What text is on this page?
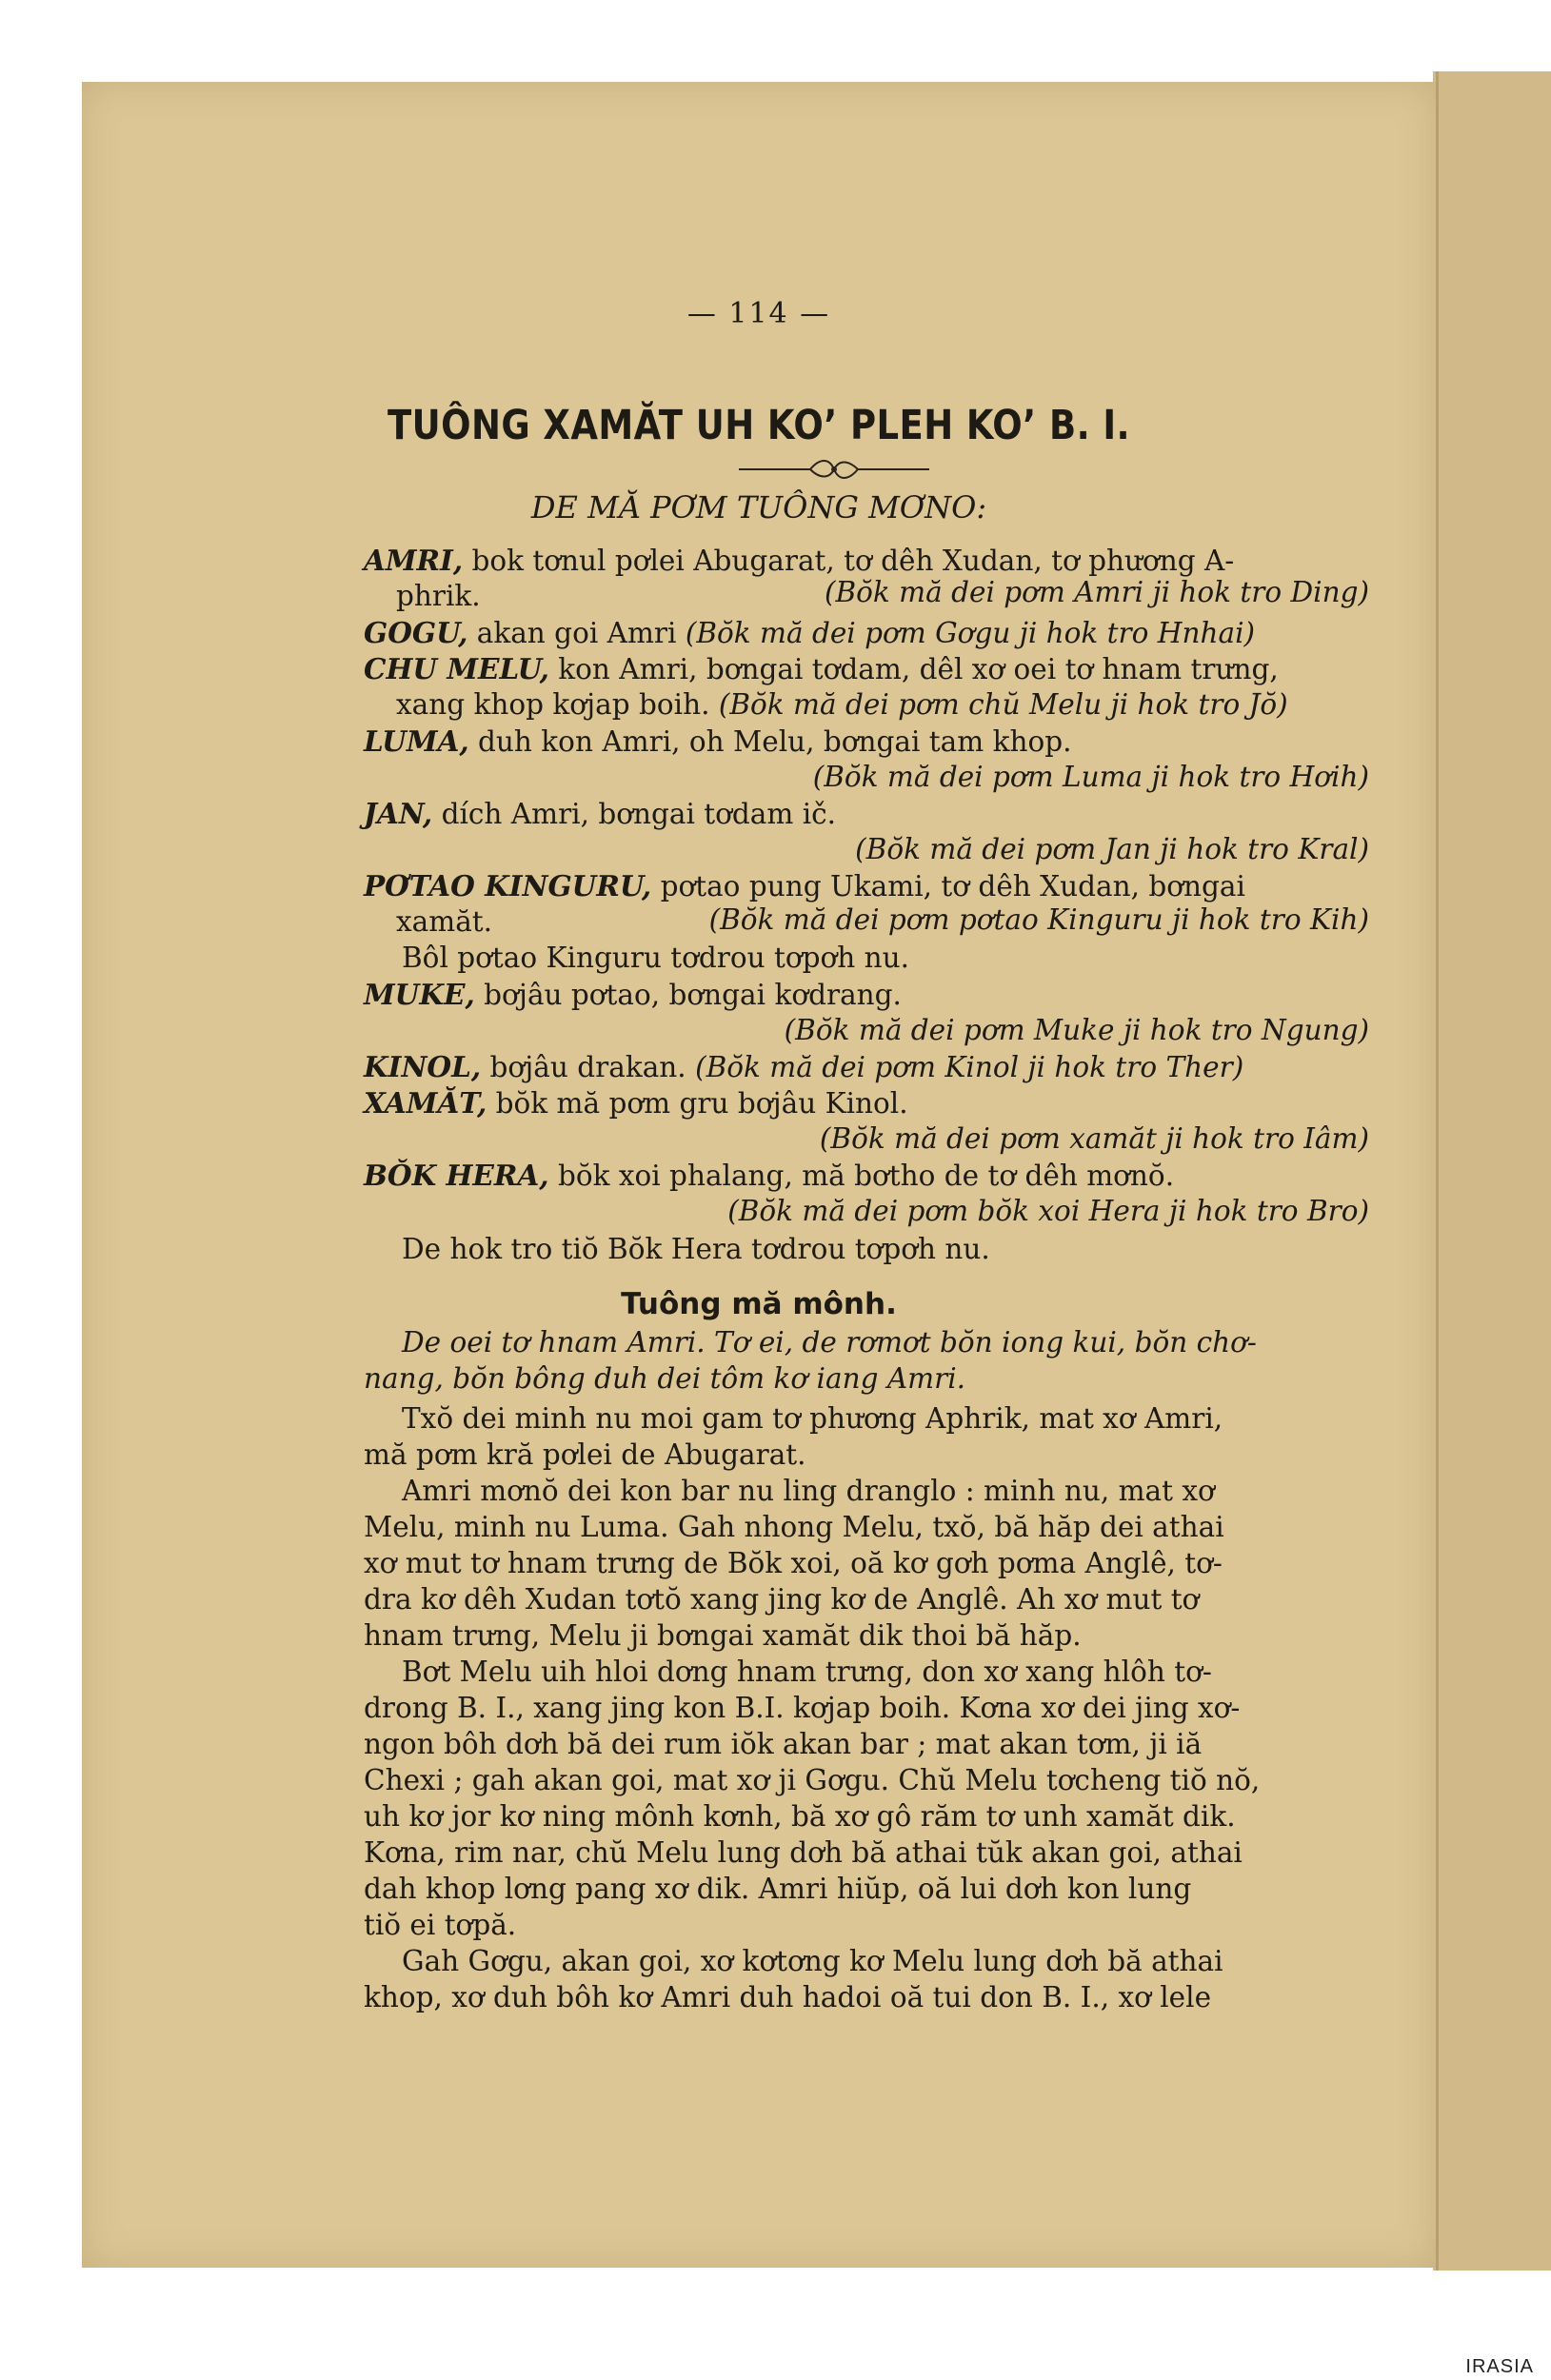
— 114 —
TUÔNG XAMĂT UH KO’ PLEH KO’ B. I.
DE MĂ PƠM TUÔNG MƠNO:
AMRI, bok tơnul pơlei Abugarat, tơ dêh Xudan, tơ phương A-
phrik.	(Bŏk mă dei pơm Amri ji hok tro Ding)
GOGU, akan goi Amri (Bŏk mă dei pơm Gơgu ji hok tro Hnhai)
CHU MELU, kon Amri, bơngai tơdam, dêl xơ oei tơ hnam trưng,
xang khop kơjap boih. (Bŏk mă dei pơm chŭ Melu ji hok tro Jŏ)
LUMA, duh kon Amri, oh Melu, bơngai tam khop.
(Bŏk mă dei pơm Luma ji hok tro Hơih)
JAN, dích Amri, bơngai tơdam ič.
(Bŏk mă dei pơm Jan ji hok tro Kral)
PƠTAO KINGURU, pơtao pung Ukami, tơ dêh Xudan, bơngai
xamăt.	(Bŏk mă dei pơm pơtao Kinguru ji hok tro Kih)
Bôl pơtao Kinguru tơdrou tơpơh nu.
MUKE, bơjâu pơtao, bơngai kơdrang.
(Bŏk mă dei pơm Muke ji hok tro Ngung)
KINOL, bơjâu drakan. (Bŏk mă dei pơm Kinol ji hok tro Ther)
XAMĂT, bŏk mă pơm gru bơjâu Kinol.
(Bŏk mă dei pơm xamăt ji hok tro Iâm)
BŎK HERA, bŏk xoi phalang, mă bơtho de tơ dêh mơnŏ.
(Bŏk mă dei pơm bŏk xoi Hera ji hok tro Bro)
De hok tro tiŏ Bŏk Hera tơdrou tơpơh nu.
Tuông mă mônh.
De oei tơ hnam Amri. Tơ ei, de rơmơt bŏn iong kui, bŏn chơ-
nang, bŏn bông duh dei tôm kơ iang Amri.
Txŏ dei minh nu moi gam tơ phương Aphrik, mat xơ Amri,
mă pơm kră pơlei de Abugarat.
Amri mơnŏ dei kon bar nu ling dranglo : minh nu, mat xơ
Melu, minh nu Luma. Gah nhong Melu, txŏ, bă hăp dei athai
xơ mut tơ hnam trưng de Bŏk xoi, oă kơ gơh pơma Anglê, tơ-
dra kơ dêh Xudan tơtŏ xang jing kơ de Anglê. Ah xơ mut tơ
hnam trưng, Melu ji bơngai xamăt dik thoi bă hăp.
Bơt Melu uih hloi dơng hnam trưng, don xơ xang hlôh tơ-
drong B. I., xang jing kon B.I. kơjap boih. Kơna xơ dei jing xơ-
ngon bôh dơh bă dei rum iŏk akan bar ; mat akan tơm, ji iă
Chexi ; gah akan goi, mat xơ ji Gơgu. Chŭ Melu tơcheng tiŏ nŏ,
uh kơ jor kơ ning mônh kơnh, bă xơ gô răm tơ unh xamăt dik.
Kơna, rim nar, chŭ Melu lung dơh bă athai tŭk akan goi, athai
dah khop lơng pang xơ dik. Amri hiŭp, oă lui dơh kon lung
tiŏ ei tơpă.
Gah Gơgu, akan goi, xơ kơtơng kơ Melu lung dơh bă athai
khop, xơ duh bôh kơ Amri duh hadoi oă tui don B. I., xơ lele
IRASIA
